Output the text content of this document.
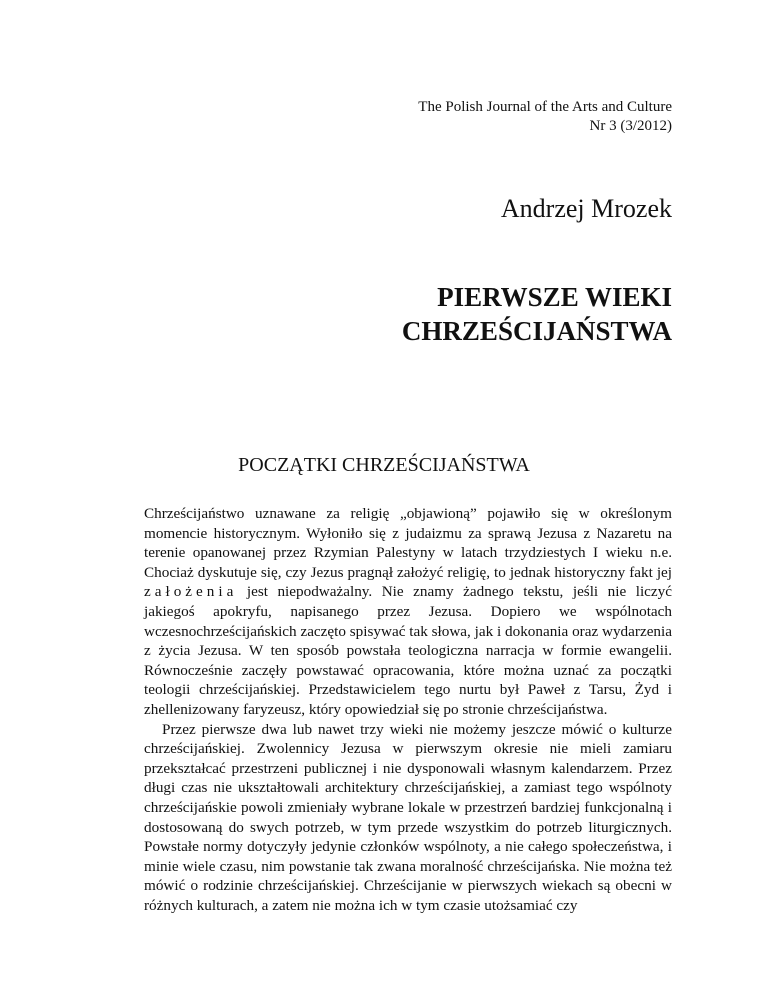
The Polish Journal of the Arts and Culture
Nr 3 (3/2012)
Andrzej Mrozek
PIERWSZE WIEKI
CHRZEŚCIJAŃSTWA
POCZĄTKI CHRZEŚCIJAŃSTWA

Chrześcijaństwo uznawane za religię „objawioną” pojawiło się w określonym momencie historycznym. Wyłoniło się z judaizmu za sprawą Jezusa z Nazaretu na terenie opanowanej przez Rzymian Palestyny w latach trzydziestych I wieku n.e. Chociaż dyskutuje się, czy Jezus pragnął założyć religię, to jednak historyczny fakt jej założenia jest niepodważalny. Nie znamy żadnego tekstu, jeśli nie liczyć jakiegoś apokryfu, napisanego przez Jezusa. Dopiero we wspólnotach wczesnochrześcijańskich zaczęto spisywać tak słowa, jak i dokonania oraz wydarzenia z życia Jezusa. W ten sposób powstała teologiczna narracja w formie ewangelii. Równocześnie zaczęły powstawać opracowania, które można uznać za początki teologii chrześcijańskiej. Przedstawicielem tego nurtu był Paweł z Tarsu, Żyd i zhellenizowany faryzeusz, który opowiedział się po stronie chrześcijaństwa.

Przez pierwsze dwa lub nawet trzy wieki nie możemy jeszcze mówić o kulturze chrześcijańskiej. Zwolennicy Jezusa w pierwszym okresie nie mieli zamiaru przekształcać przestrzeni publicznej i nie dysponowali własnym kalendarzem. Przez długi czas nie ukształtowali architektury chrześcijańskiej, a zamiast tego wspólnoty chrześcijańskie powoli zmieniały wybrane lokale w przestrzeń bardziej funkcjonalną i dostosowaną do swych potrzeb, w tym przede wszystkim do potrzeb liturgicznych. Powstałe normy dotyczyły jedynie członków wspólnoty, a nie całego społeczeństwa, i minie wiele czasu, nim powstanie tak zwana moralność chrześcijańska. Nie można też mówić o rodzinie chrześcijańskiej. Chrześcijanie w pierwszych wiekach są obecni w różnych kulturach, a zatem nie można ich w tym czasie utożsamiać czy
